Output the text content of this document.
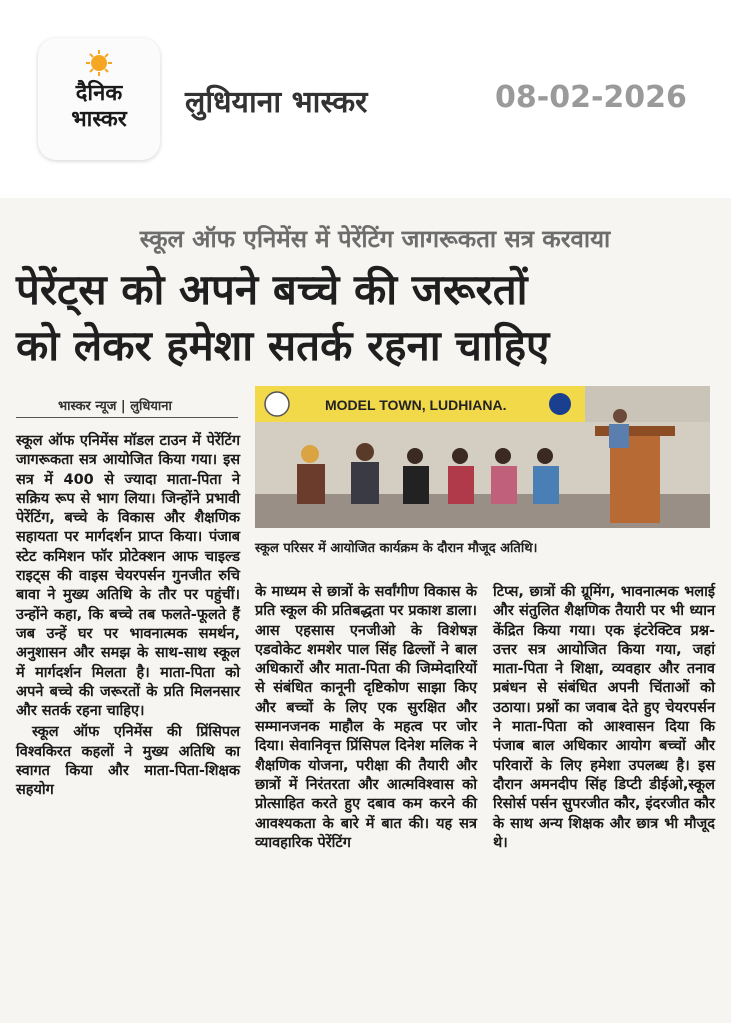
दैनिक
भास्कर	लुधियाना भास्कर	08-02-2026
स्कूल ऑफ एनिमेंस में पेरेंटिंग जागरूकता सत्र करवाया
पेरेंट्स को अपने बच्चे की जरूरतों
को लेकर हमेशा सतर्क रहना चाहिए
भास्कर न्यूज | लुधियाना	MODEL TOWN, LUDHIANA.
स्कूल परिसर में आयोजित कार्यक्रम के दौरान मौजूद अतिथि।

स्कूल ऑफ एनिमेंस मॉडल टाउन में पेरेंटिंग जागरूकता सत्र आयोजित किया गया। इस सत्र में 400 से ज्यादा माता-पिता ने सक्रिय रूप से भाग लिया। जिन्होंने प्रभावी पेरेंटिंग, बच्चे के विकास और शैक्षणिक सहायता पर मार्गदर्शन प्राप्त किया। पंजाब स्टेट कमिशन फॉर प्रोटेक्शन आफ चाइल्ड राइट्स की वाइस चेयरपर्सन गुनजीत रुचि बावा ने मुख्य अतिथि के तौर पर पहुंचीं। उन्होंने कहा, कि बच्चे तब फलते-फूलते हैं जब उन्हें घर पर भावनात्मक समर्थन, अनुशासन और समझ के साथ-साथ स्कूल में मार्गदर्शन मिलता है। माता-पिता को अपने बच्चे की जरूरतों के प्रति मिलनसार और सतर्क रहना चाहिए।

स्कूल ऑफ एनिमेंस की प्रिंसिपल विश्वकिरत कहलों ने मुख्य अतिथि का स्वागत किया और माता-पिता-शिक्षक सहयोग

के माध्यम से छात्रों के सर्वांगीण विकास के प्रति स्कूल की प्रतिबद्धता पर प्रकाश डाला। आस एहसास एनजीओ के विशेषज्ञ एडवोकेट शमशेर पाल सिंह ढिल्लों ने बाल अधिकारों और माता-पिता की जिम्मेदारियों से संबंधित कानूनी दृष्टिकोण साझा किए और बच्चों के लिए एक सुरक्षित और सम्मानजनक माहौल के महत्व पर जोर दिया। सेवानिवृत्त प्रिंसिपल दिनेश मलिक ने शैक्षणिक योजना, परीक्षा की तैयारी और छात्रों में निरंतरता और आत्मविश्वास को प्रोत्साहित करते हुए दबाव कम करने की आवश्यकता के बारे में बात की। यह सत्र व्यावहारिक पेरेंटिंग

टिप्स, छात्रों की ग्रूमिंग, भावनात्मक भलाई और संतुलित शैक्षणिक तैयारी पर भी ध्यान केंद्रित किया गया। एक इंटरेक्टिव प्रश्न-उत्तर सत्र आयोजित किया गया, जहां माता-पिता ने शिक्षा, व्यवहार और तनाव प्रबंधन से संबंधित अपनी चिंताओं को उठाया। प्रश्नों का जवाब देते हुए चेयरपर्सन ने माता-पिता को आश्वासन दिया कि पंजाब बाल अधिकार आयोग बच्चों और परिवारों के लिए हमेशा उपलब्ध है। इस दौरान अमनदीप सिंह डिप्टी डीईओ,स्कूल रिसोर्स पर्सन सुपरजीत कौर, इंदरजीत कौर के साथ अन्य शिक्षक और छात्र भी मौजूद थे।
